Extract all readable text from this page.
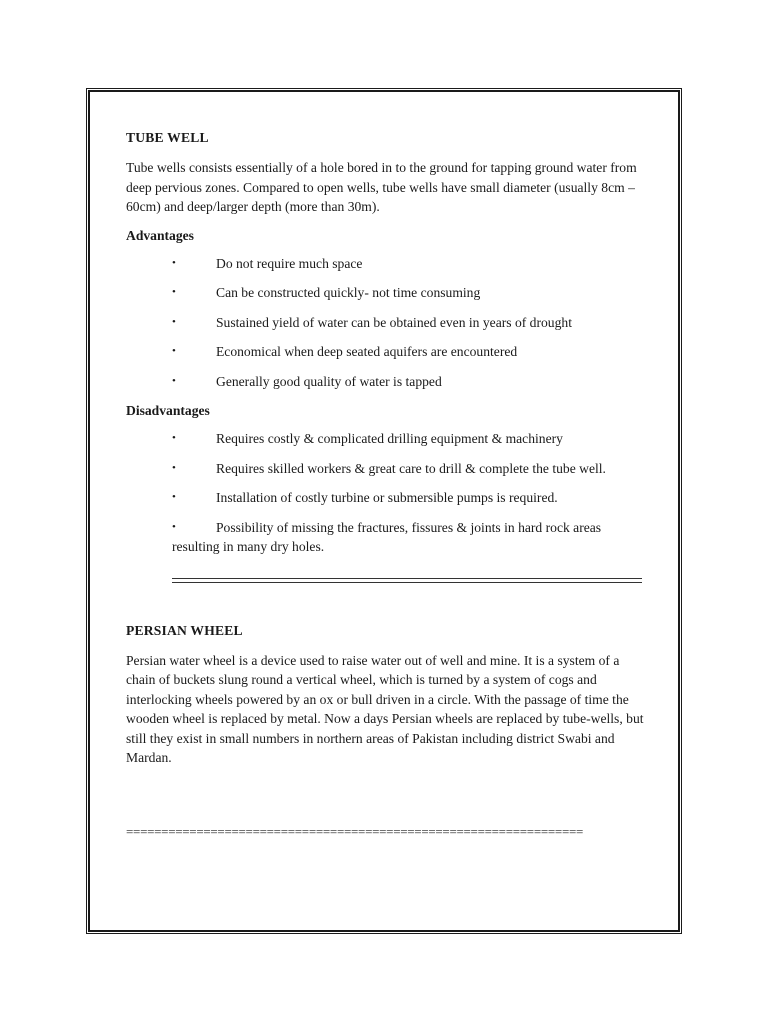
TUBE WELL
Tube wells consists essentially of a hole bored in to the ground for tapping ground water from deep pervious zones. Compared to open wells, tube wells have small diameter (usually 8cm – 60cm) and deep/larger depth (more than 30m).
Advantages
•	Do not require much space
•	Can be constructed quickly- not time consuming
•	Sustained yield of water can be obtained even in years of drought
•	Economical when deep seated aquifers are encountered
•	Generally good quality of water is tapped
Disadvantages
•	Requires costly & complicated drilling equipment & machinery
•	Requires skilled workers & great care to drill & complete the tube well.
•	Installation of costly turbine or submersible pumps is required.
•	Possibility of missing the fractures, fissures & joints in hard rock areas resulting in many dry holes.
PERSIAN WHEEL
Persian water wheel is a device used to raise water out of well and mine. It is a system of a chain of buckets slung round a vertical wheel, which is turned by a system of cogs and interlocking wheels powered by an ox or bull driven in a circle. With the passage of time the wooden wheel is replaced by metal. Now a days Persian wheels are replaced by tube-wells, but still they exist in small numbers in northern areas of Pakistan including district Swabi and Mardan.
=================================================================
